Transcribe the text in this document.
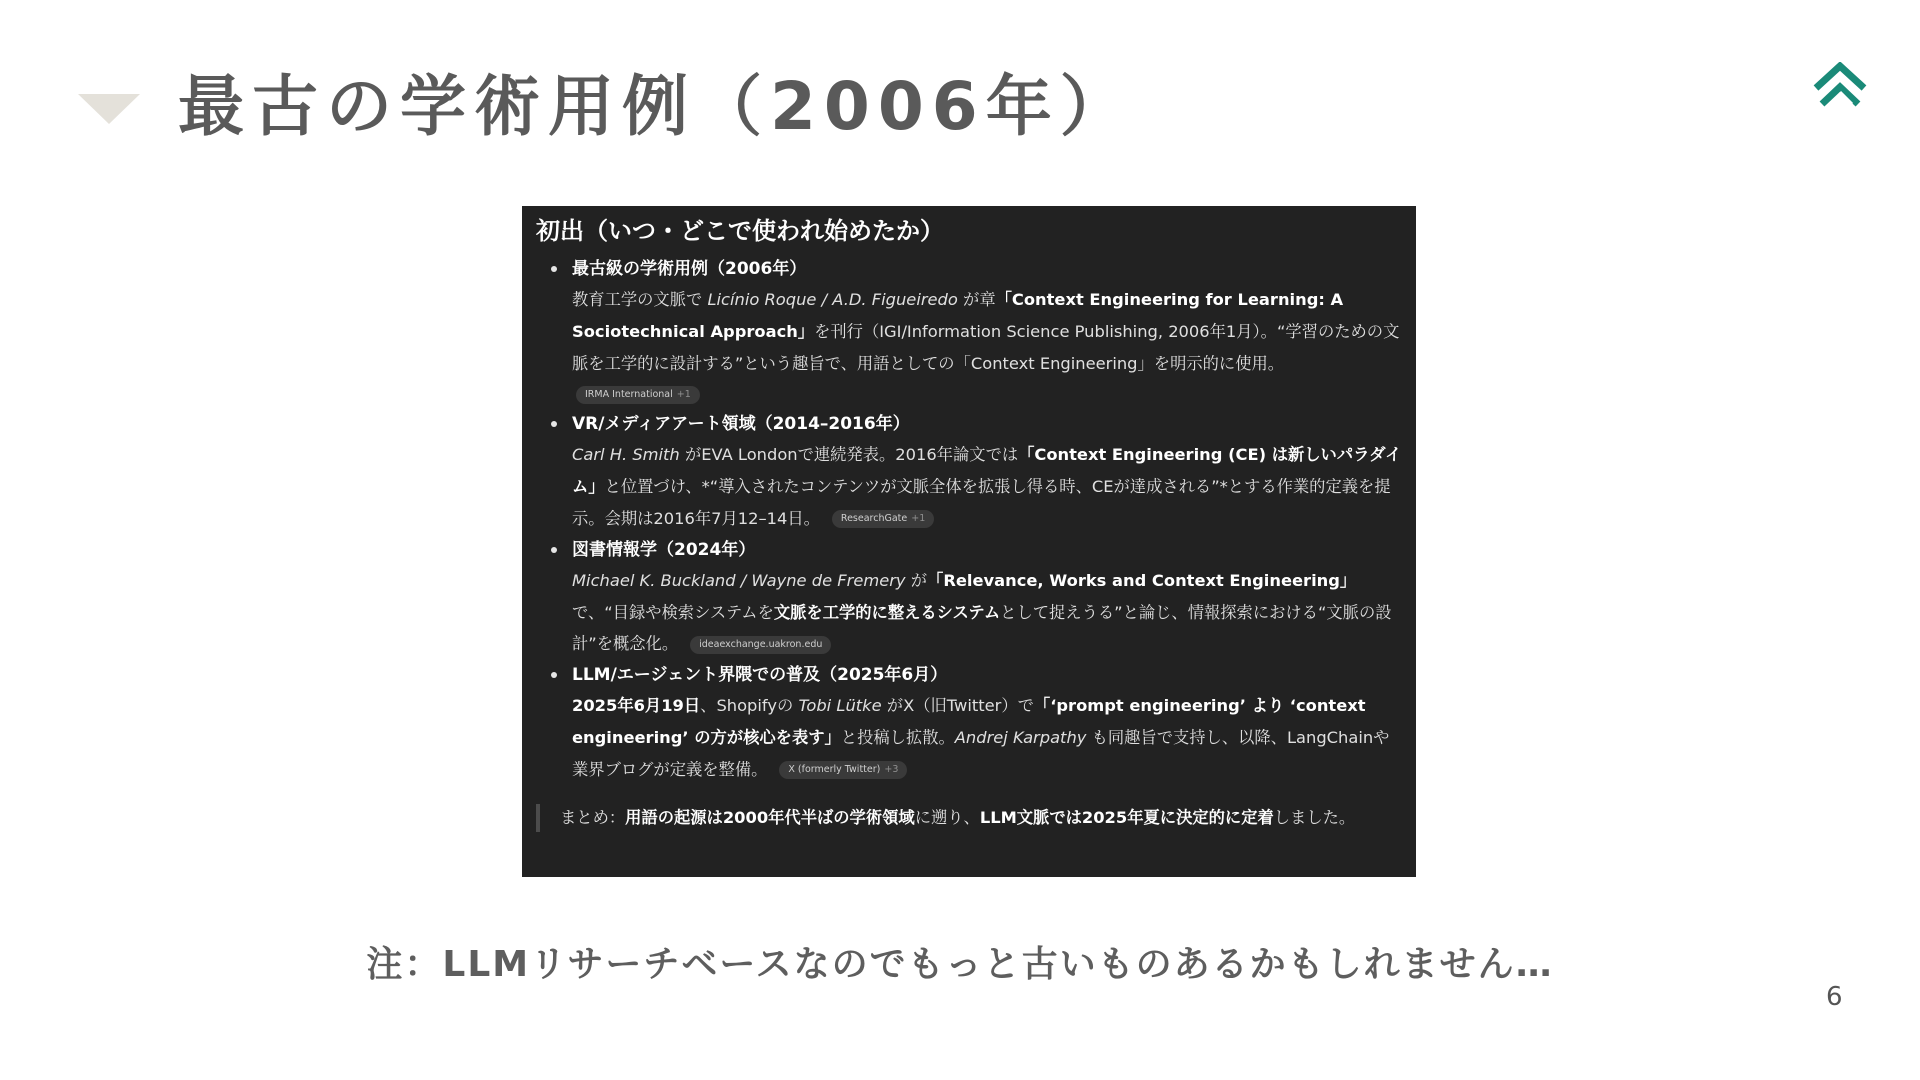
最古の学術用例（2006年）
初出（いつ・どこで使われ始めたか）
最古級の学術用例（2006年）
教育工学の文脈で Licínio Roque / A.D. Figueiredo が章「Context Engineering for Learning: A Sociotechnical Approach」を刊行（IGI/Information Science Publishing, 2006年1月）。“学習のための文脈を工学的に設計する”という趣旨で、用語としての「Context Engineering」を明示的に使用。
IRMA International +1
VR/メディアアート領域（2014–2016年）
Carl H. Smith がEVA Londonで連続発表。2016年論文では「Context Engineering (CE) は新しいパラダイム」と位置づけ、*“導入されたコンテンツが文脈全体を拡張し得る時、CEが達成される”*とする作業的定義を提示。会期は2016年7月12–14日。 ResearchGate +1
図書情報学（2024年）
Michael K. Buckland / Wayne de Fremery が「Relevance, Works and Context Engineering」で、“目録や検索システムを文脈を工学的に整えるシステムとして捉えうる”と論じ、情報探索における“文脈の設計”を概念化。 ideaexchange.uakron.edu
LLM/エージェント界隈での普及（2025年6月）
2025年6月19日、Shopifyの Tobi Lütke がX（旧Twitter）で「‘prompt engineering’ より ‘context engineering’ の方が核心を表す」と投稿し拡散。Andrej Karpathy も同趣旨で支持し、以降、LangChainや業界ブログが定義を整備。 X (formerly Twitter) +3
まとめ：用語の起源は2000年代半ばの学術領域に遡り、LLM文脈では2025年夏に決定的に定着しました。
注：LLMリサーチベースなのでもっと古いものあるかもしれません…
6
